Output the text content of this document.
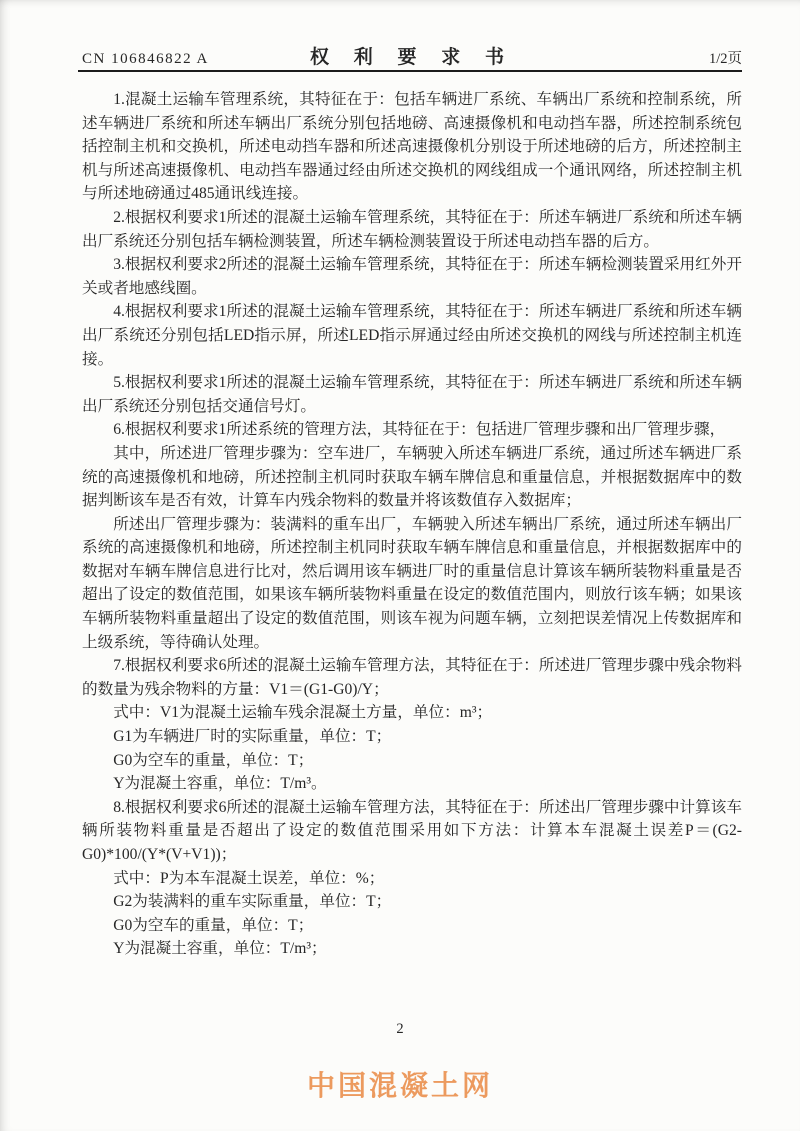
CN 106846822 A	权 利 要 求 书	1/2页

1.混凝土运输车管理系统，其特征在于：包括车辆进厂系统、车辆出厂系统和控制系统，所述车辆进厂系统和所述车辆出厂系统分别包括地磅、高速摄像机和电动挡车器，所述控制系统包括控制主机和交换机，所述电动挡车器和所述高速摄像机分别设于所述地磅的后方，所述控制主机与所述高速摄像机、电动挡车器通过经由所述交换机的网线组成一个通讯网络，所述控制主机与所述地磅通过485通讯线连接。

2.根据权利要求1所述的混凝土运输车管理系统，其特征在于：所述车辆进厂系统和所述车辆出厂系统还分别包括车辆检测装置，所述车辆检测装置设于所述电动挡车器的后方。

3.根据权利要求2所述的混凝土运输车管理系统，其特征在于：所述车辆检测装置采用红外开关或者地感线圈。

4.根据权利要求1所述的混凝土运输车管理系统，其特征在于：所述车辆进厂系统和所述车辆出厂系统还分别包括LED指示屏，所述LED指示屏通过经由所述交换机的网线与所述控制主机连接。

5.根据权利要求1所述的混凝土运输车管理系统，其特征在于：所述车辆进厂系统和所述车辆出厂系统还分别包括交通信号灯。

6.根据权利要求1所述系统的管理方法，其特征在于：包括进厂管理步骤和出厂管理步骤，

其中，所述进厂管理步骤为：空车进厂，车辆驶入所述车辆进厂系统，通过所述车辆进厂系统的高速摄像机和地磅，所述控制主机同时获取车辆车牌信息和重量信息，并根据数据库中的数据判断该车是否有效，计算车内残余物料的数量并将该数值存入数据库；

所述出厂管理步骤为：装满料的重车出厂，车辆驶入所述车辆出厂系统，通过所述车辆出厂系统的高速摄像机和地磅，所述控制主机同时获取车辆车牌信息和重量信息，并根据数据库中的数据对车辆车牌信息进行比对，然后调用该车辆进厂时的重量信息计算该车辆所装物料重量是否超出了设定的数值范围，如果该车辆所装物料重量在设定的数值范围内，则放行该车辆；如果该车辆所装物料重量超出了设定的数值范围，则该车视为问题车辆，立刻把误差情况上传数据库和上级系统，等待确认处理。

7.根据权利要求6所述的混凝土运输车管理方法，其特征在于：所述进厂管理步骤中残余物料的数量为残余物料的方量：V1＝(G1-G0)/Y；

式中：V1为混凝土运输车残余混凝土方量，单位：m³；

G1为车辆进厂时的实际重量，单位：T；

G0为空车的重量，单位：T；

Y为混凝土容重，单位：T/m³。

8.根据权利要求6所述的混凝土运输车管理方法，其特征在于：所述出厂管理步骤中计算该车辆所装物料重量是否超出了设定的数值范围采用如下方法：计算本车混凝土误差P＝(G2-G0)*100/(Y*(V+V1))；

式中：P为本车混凝土误差，单位：%；

G2为装满料的重车实际重量，单位：T；

G0为空车的重量，单位：T；

Y为混凝土容重，单位：T/m³；

2
中国混凝土网
